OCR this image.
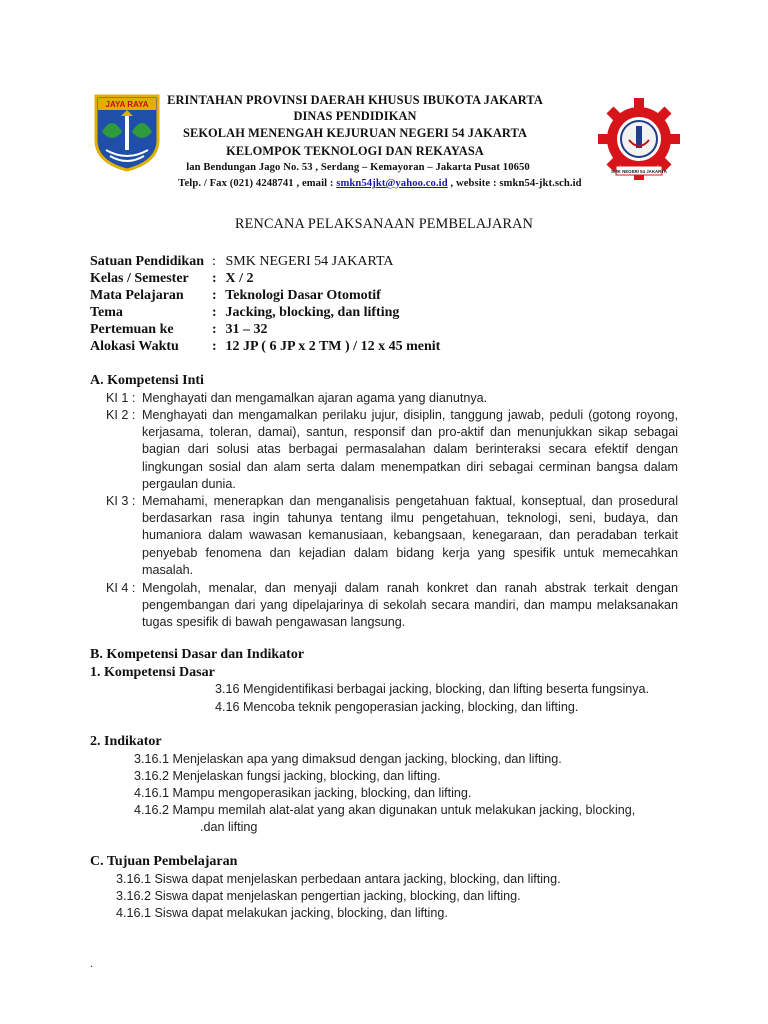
JAYA RAYA	ERINTAHAN PROVINSI DAERAH KHUSUS IBUKOTA JAKARTA
DINAS PENDIDIKAN
SEKOLAH MENENGAH KEJURUAN NEGERI 54 JAKARTA
KELOMPOK TEKNOLOGI DAN REKAYASA
lan Bendungan Jago No. 53 , Serdang – Kemayoran – Jakarta Pusat 10650
Telp. / Fax (021) 4248741 , email : smkn54jkt@yahoo.co.id , website : smkn54-jkt.sch.id
SMK NEGERI 54 JAKARTA
RENCANA PELAKSANAAN PEMBELAJARAN
Satuan Pendidikan : SMK NEGERI 54 JAKARTA
Kelas / Semester : X / 2
Mata Pelajaran : Teknologi Dasar Otomotif
Tema	: Jacking, blocking, dan lifting
Pertemuan ke	: 31 – 32
Alokasi Waktu : 12 JP ( 6 JP x 2 TM ) / 12 x 45 menit
A. Kompetensi Inti
KI 1 : Menghayati dan mengamalkan ajaran agama yang dianutnya.
KI 2 : Menghayati dan mengamalkan perilaku jujur, disiplin, tanggung jawab, peduli (gotong royong, kerjasama, toleran, damai), santun, responsif dan pro-aktif dan menunjukkan sikap sebagai bagian dari solusi atas berbagai permasalahan dalam berinteraksi secara efektif dengan lingkungan sosial dan alam serta dalam menempatkan diri sebagai cerminan bangsa dalam pergaulan dunia.
KI 3 : Memahami, menerapkan dan menganalisis pengetahuan faktual, konseptual, dan prosedural berdasarkan rasa ingin tahunya tentang ilmu pengetahuan, teknologi, seni, budaya, dan humaniora dalam wawasan kemanusiaan, kebangsaan, kenegaraan, dan peradaban terkait penyebab fenomena dan kejadian dalam bidang kerja yang spesifik untuk memecahkan masalah.
KI 4 : Mengolah, menalar, dan menyaji dalam ranah konkret dan ranah abstrak terkait dengan pengembangan dari yang dipelajarinya di sekolah secara mandiri, dan mampu melaksanakan tugas spesifik di bawah pengawasan langsung.
B. Kompetensi Dasar dan Indikator
1. Kompetensi Dasar
3.16 Mengidentifikasi berbagai jacking, blocking, dan lifting beserta fungsinya.
4.16 Mencoba teknik pengoperasian jacking, blocking, dan lifting.
2. Indikator
3.16.1 Menjelaskan apa yang dimaksud dengan jacking, blocking, dan lifting.
3.16.2 Menjelaskan fungsi jacking, blocking, dan lifting.
4.16.1 Mampu mengoperasikan jacking, blocking, dan lifting.
4.16.2 Mampu memilah alat-alat yang akan digunakan untuk melakukan jacking, blocking,
.dan lifting
C. Tujuan Pembelajaran
3.16.1 Siswa dapat menjelaskan perbedaan antara jacking, blocking, dan lifting.
3.16.2 Siswa dapat menjelaskan pengertian jacking, blocking, dan lifting.
4.16.1 Siswa dapat melakukan jacking, blocking, dan lifting.
.
